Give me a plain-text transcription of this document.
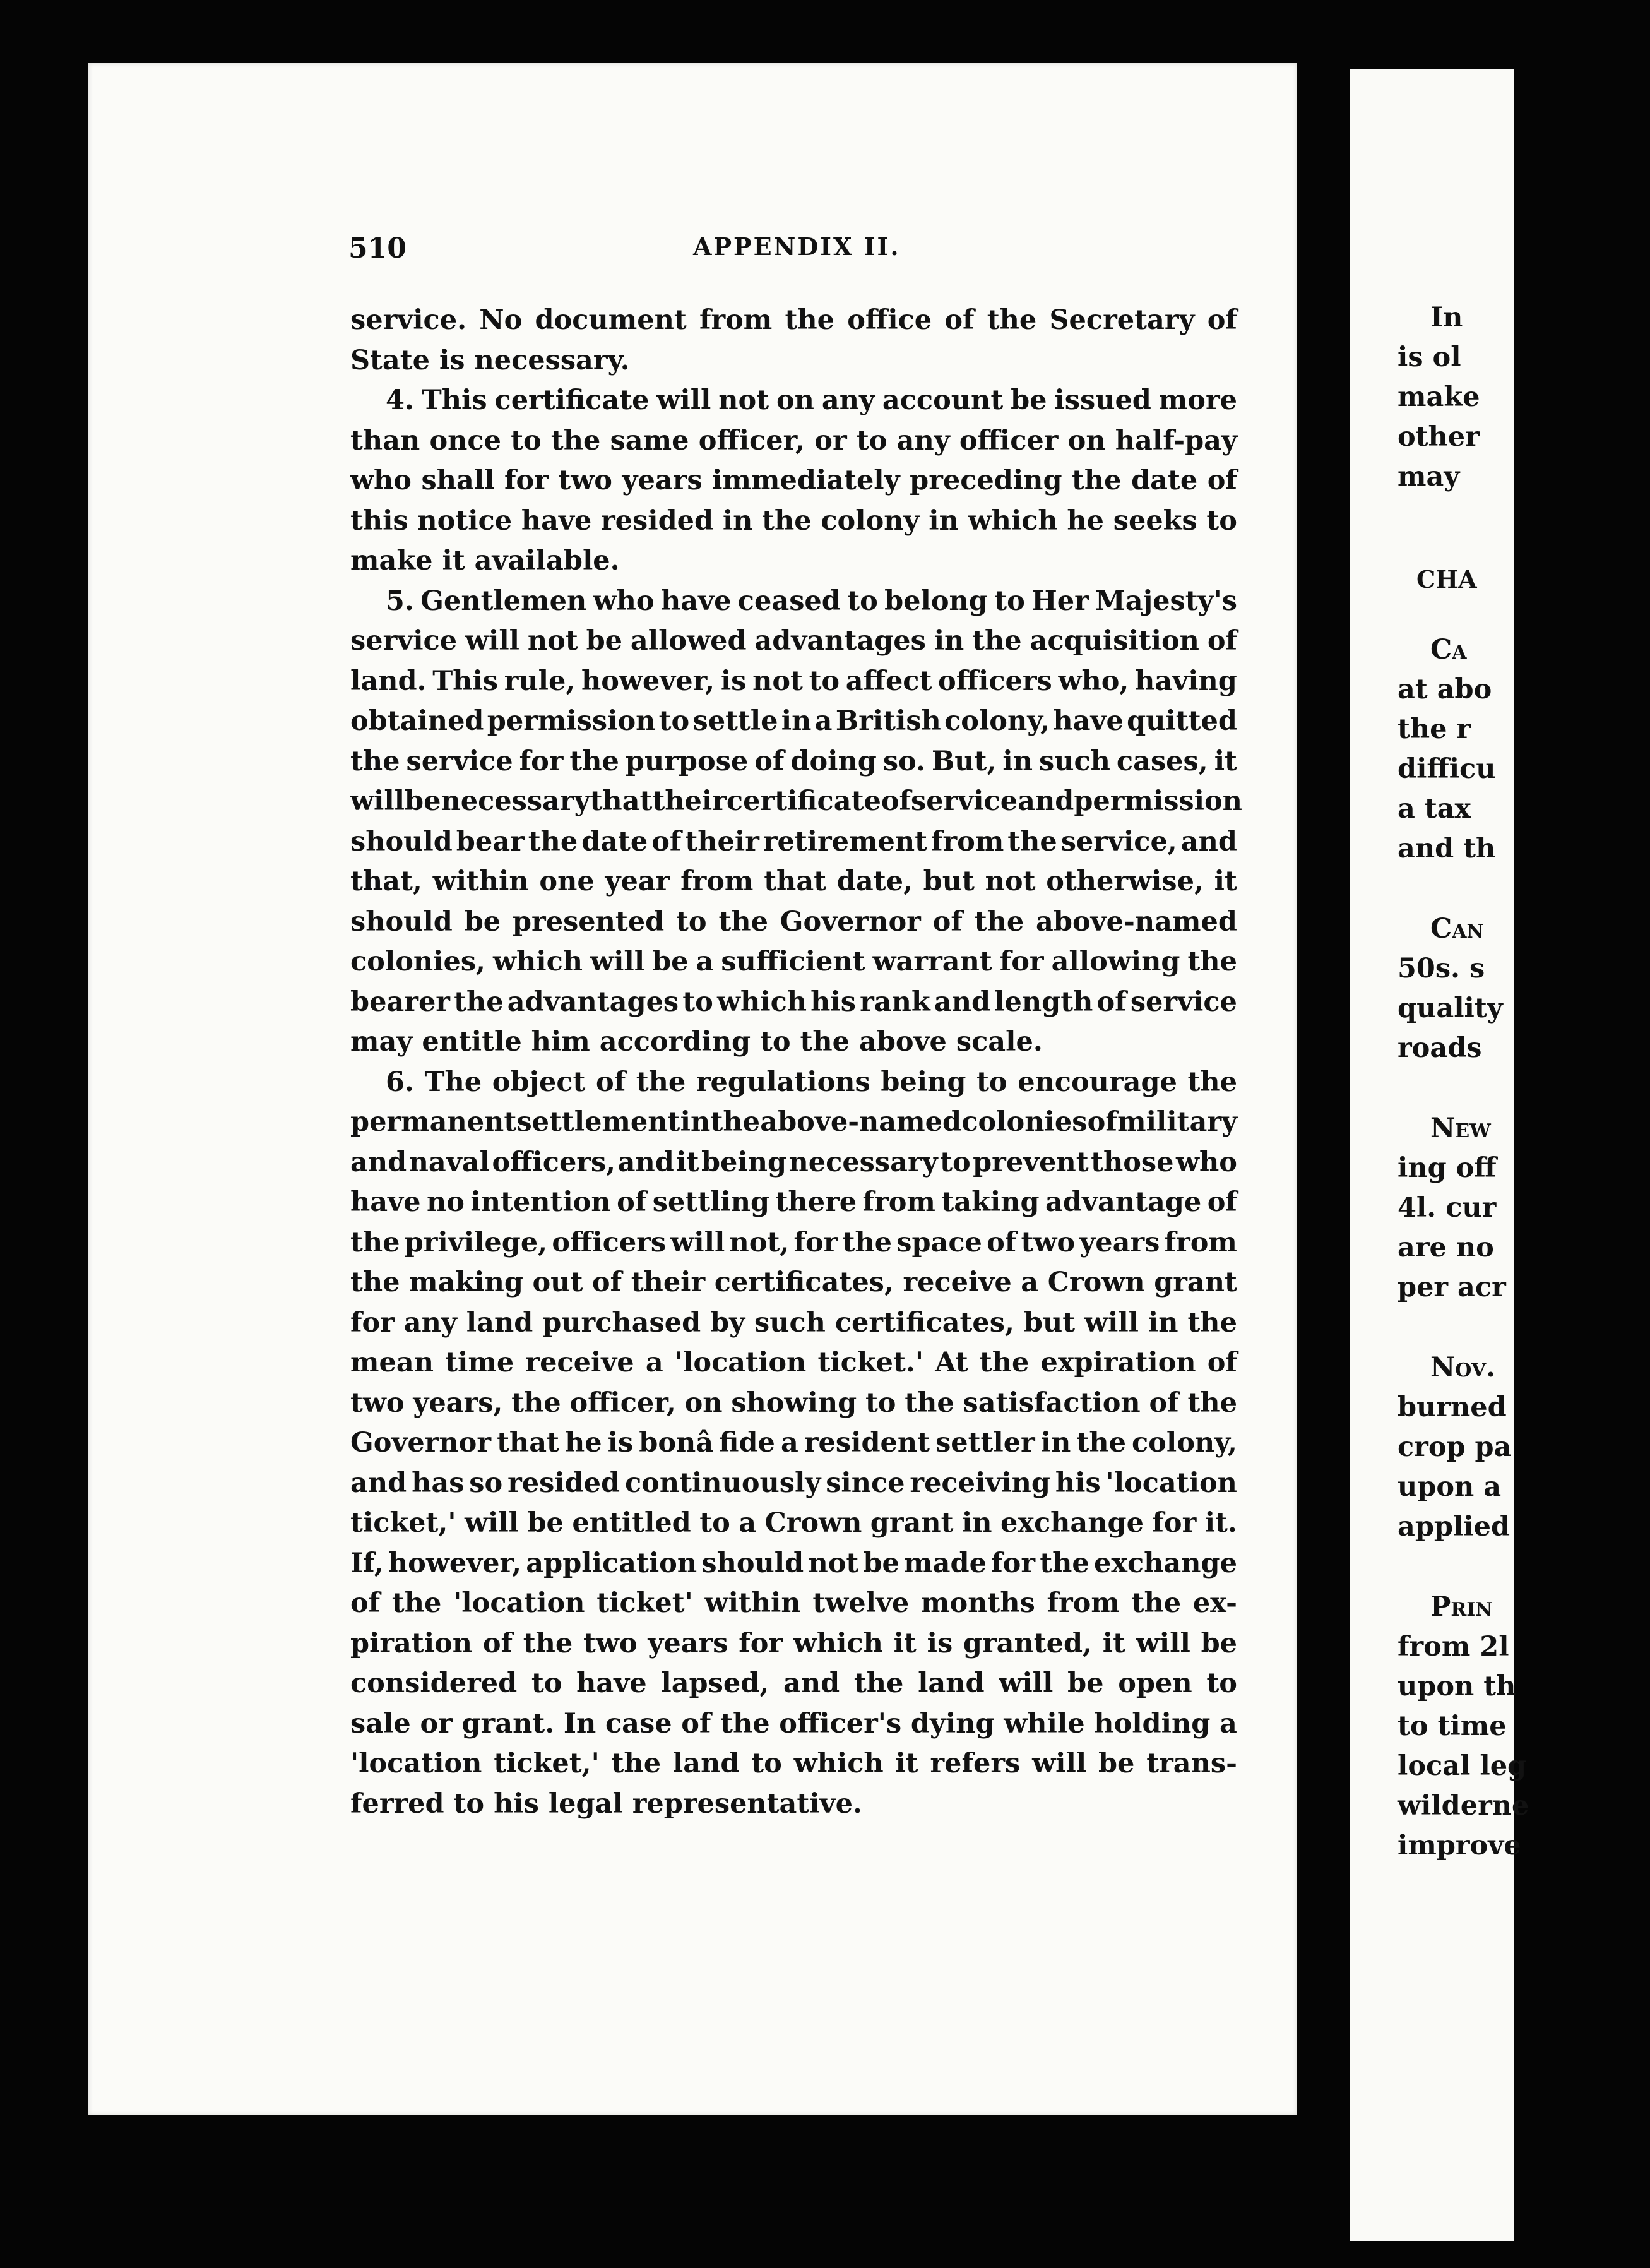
510	APPENDIX II.
service. No document from the office of the Secretary of
State is necessary.
4. This certificate will not on any account be issued more
than once to the same officer, or to any officer on half-pay
who shall for two years immediately preceding the date of
this notice have resided in the colony in which he seeks to
make it available.
5. Gentlemen who have ceased to belong to Her Majesty's
service will not be allowed advantages in the acquisition of
land. This rule, however, is not to affect officers who, having
obtained permission to settle in a British colony, have quitted
the service for the purpose of doing so. But, in such cases, it
will be necessary that their certificate of service and permission
should bear the date of their retirement from the service, and
that, within one year from that date, but not otherwise, it
should be presented to the Governor of the above-named
colonies, which will be a sufficient warrant for allowing the
bearer the advantages to which his rank and length of service
may entitle him according to the above scale.
6. The object of the regulations being to encourage the
permanent settlement in the above-named colonies of military
and naval officers, and it being necessary to prevent those who
have no intention of settling there from taking advantage of
the privilege, officers will not, for the space of two years from
the making out of their certificates, receive a Crown grant
for any land purchased by such certificates, but will in the
mean time receive a 'location ticket.' At the expiration of
two years, the officer, on showing to the satisfaction of the
Governor that he is bonâ fide a resident settler in the colony,
and has so resided continuously since receiving his 'location
ticket,' will be entitled to a Crown grant in exchange for it.
If, however, application should not be made for the exchange
of the 'location ticket' within twelve months from the ex-
piration of the two years for which it is granted, it will be
considered to have lapsed, and the land will be open to
sale or grant. In case of the officer's dying while holding a
'location ticket,' the land to which it refers will be trans-
ferred to his legal representative.
In
is ol
make
other
may
CHA
Ca
at abo
the r
difficu
a tax
and th
Can
50s. s
quality
roads
New
ing off
4l. cur
are no
per acr
Nov.
burned
crop pa
upon a
applied
Prin
from 2l
upon th
to time
local leg
wilderne
improve
